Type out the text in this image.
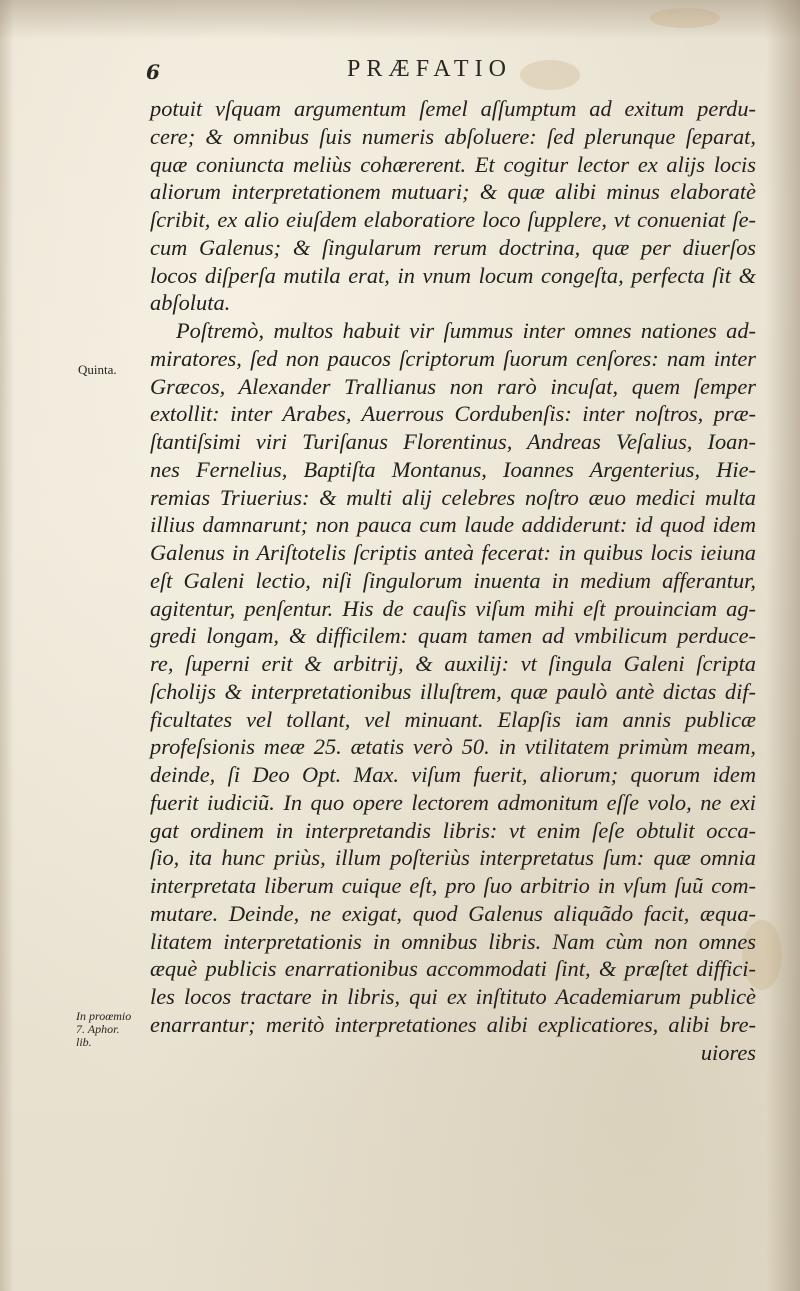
6	PRÆFATIO
Quinta.
In proœmio
7. Aphor.
lib.
potuit vſquam argumentum ſemel aſſumptum ad exitum perdu-
cere; & omnibus ſuis numeris abſoluere: ſed plerunque ſeparat,
quæ coniuncta meliùs cohærerent. Et cogitur lector ex alijs locis
aliorum interpretationem mutuari; & quæ alibi minus elaboratè
ſcribit, ex alio eiuſdem elaboratiore loco ſupplere, vt conueniat ſe-
cum Galenus; & ſingularum rerum doctrina, quæ per diuerſos
locos diſperſa mutila erat, in vnum locum congeſta, perfecta ſit &
abſoluta.
Poſtremò, multos habuit vir ſummus inter omnes nationes ad-
miratores, ſed non paucos ſcriptorum ſuorum cenſores: nam inter
Græcos, Alexander Trallianus non rarò incuſat, quem ſemper
extollit: inter Arabes, Auerrous Cordubenſis: inter noſtros, præ-
ſtantiſsimi viri Turiſanus Florentinus, Andreas Veſalius, Ioan-
nes Fernelius, Baptiſta Montanus, Ioannes Argenterius, Hie-
remias Triuerius: & multi alij celebres noſtro æuo medici multa
illius damnarunt; non pauca cum laude addiderunt: id quod idem
Galenus in Ariſtotelis ſcriptis anteà fecerat: in quibus locis ieiuna
eſt Galeni lectio, niſi ſingulorum inuenta in medium afferantur,
agitentur, penſentur. His de cauſis viſum mihi eſt prouinciam ag-
gredi longam, & difficilem: quam tamen ad vmbilicum perduce-
re, ſuperni erit & arbitrij, & auxilij: vt ſingula Galeni ſcripta
ſcholijs & interpretationibus illuſtrem, quæ paulò antè dictas dif-
ficultates vel tollant, vel minuant. Elapſis iam annis publicæ
profeſsionis meæ 25. ætatis verò 50. in vtilitatem primùm meam,
deinde, ſi Deo Opt. Max. viſum fuerit, aliorum; quorum idem
fuerit iudiciũ. In quo opere lectorem admonitum eſſe volo, ne exi
gat ordinem in interpretandis libris: vt enim ſeſe obtulit occa-
ſio, ita hunc priùs, illum poſteriùs interpretatus ſum: quæ omnia
interpretata liberum cuique eſt, pro ſuo arbitrio in vſum ſuũ com-
mutare. Deinde, ne exigat, quod Galenus aliquãdo facit, æqua-
litatem interpretationis in omnibus libris. Nam cùm non omnes
æquè publicis enarrationibus accommodati ſint, & præſtet diffici-
les locos tractare in libris, qui ex inſtituto Academiarum publicè
enarrantur; meritò interpretationes alibi explicatiores, alibi bre-
uiores
